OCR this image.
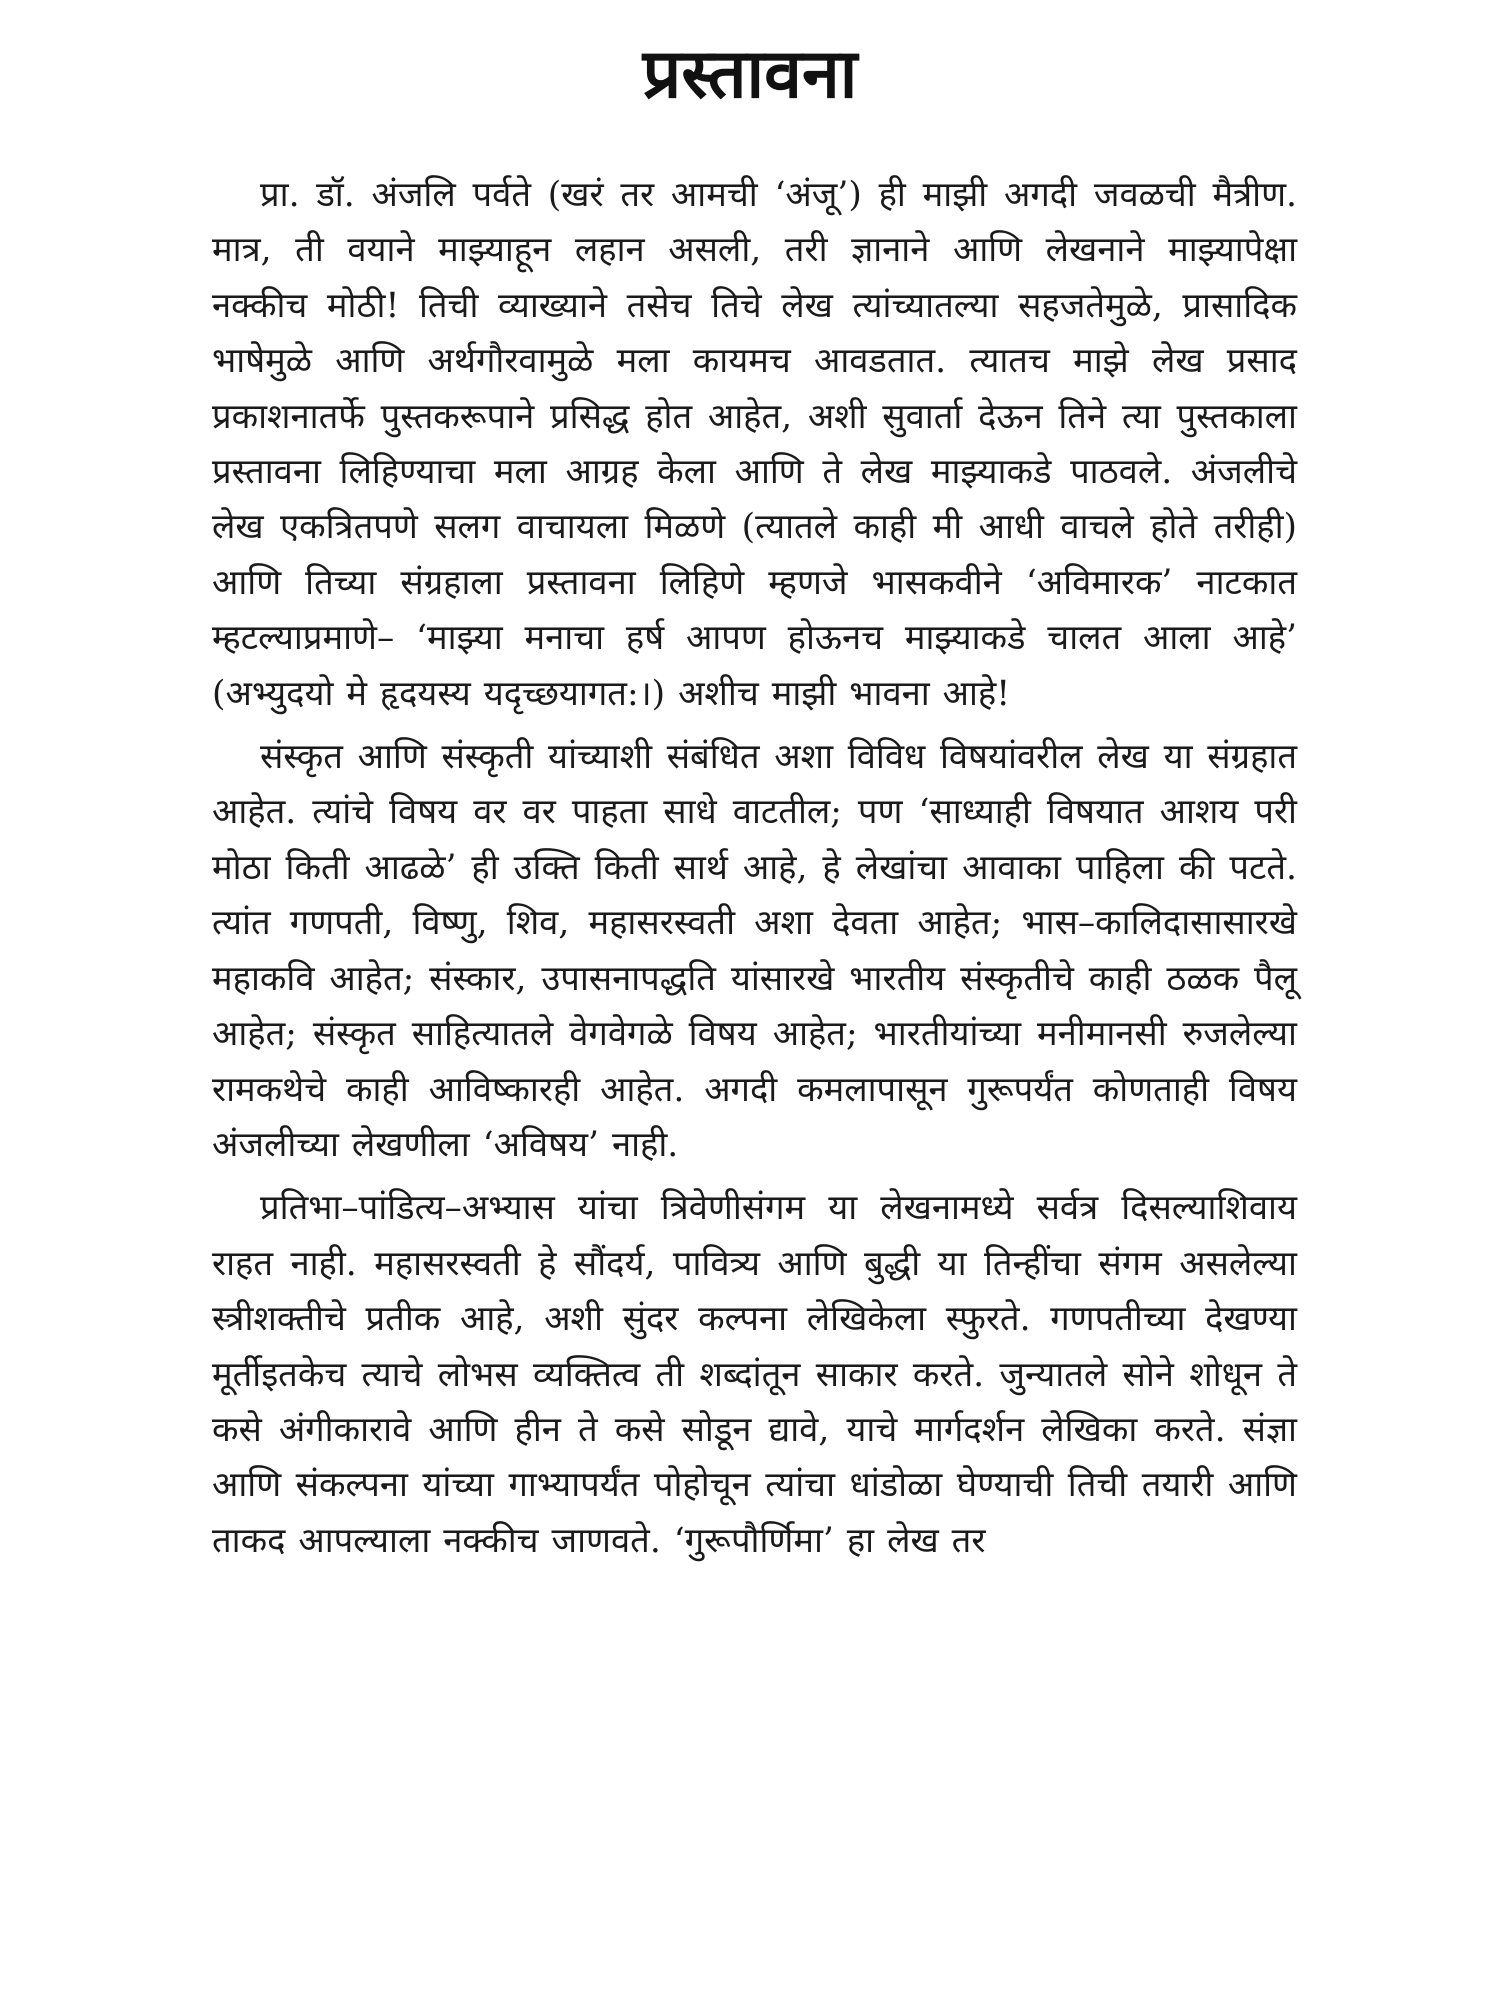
प्रस्तावना

प्रा. डॉ. अंजलि पर्वते (खरं तर आमची ‘अंजू’) ही माझी अगदी जवळची मैत्रीण. मात्र, ती वयाने माझ्याहून लहान असली, तरी ज्ञानाने आणि लेखनाने माझ्यापेक्षा नक्कीच मोठी! तिची व्याख्याने तसेच तिचे लेख त्यांच्यातल्या सहजतेमुळे, प्रासादिक भाषेमुळे आणि अर्थगौरवामुळे मला कायमच आवडतात. त्यातच माझे लेख प्रसाद प्रकाशनातर्फे पुस्तकरूपाने प्रसिद्ध होत आहेत, अशी सुवार्ता देऊन तिने त्या पुस्तकाला प्रस्तावना लिहिण्याचा मला आग्रह केला आणि ते लेख माझ्याकडे पाठवले. अंजलीचे लेख एकत्रितपणे सलग वाचायला मिळणे (त्यातले काही मी आधी वाचले होते तरीही) आणि तिच्या संग्रहाला प्रस्तावना लिहिणे म्हणजे भासकवीने ‘अविमारक’ नाटकात म्हटल्याप्रमाणे– ‘माझ्या मनाचा हर्ष आपण होऊनच माझ्याकडे चालत आला आहे’ (अभ्युदयो मे हृदयस्य यदृच्छयागत:।) अशीच माझी भावना आहे!

संस्कृत आणि संस्कृती यांच्याशी संबंधित अशा विविध विषयांवरील लेख या संग्रहात आहेत. त्यांचे विषय वर वर पाहता साधे वाटतील; पण ‘साध्याही विषयात आशय परी मोठा किती आढळे’ ही उक्ति किती सार्थ आहे, हे लेखांचा आवाका पाहिला की पटते. त्यांत गणपती, विष्णु, शिव, महासरस्वती अशा देवता आहेत; भास–कालिदासासारखे महाकवि आहेत; संस्कार, उपासनापद्धति यांसारखे भारतीय संस्कृतीचे काही ठळक पैलू आहेत; संस्कृत साहित्यातले वेगवेगळे विषय आहेत; भारतीयांच्या मनीमानसी रुजलेल्या रामकथेचे काही आविष्कारही आहेत. अगदी कमलापासून गुरूपर्यंत कोणताही विषय अंजलीच्या लेखणीला ‘अविषय’ नाही.

प्रतिभा–पांडित्य–अभ्यास यांचा त्रिवेणीसंगम या लेखनामध्ये सर्वत्र दिसल्याशिवाय राहत नाही. महासरस्वती हे सौंदर्य, पावित्र्य आणि बुद्धी या तिन्हींचा संगम असलेल्या स्त्रीशक्तीचे प्रतीक आहे, अशी सुंदर कल्पना लेखिकेला स्फुरते. गणपतीच्या देखण्या मूर्तीइतकेच त्याचे लोभस व्यक्तित्व ती शब्दांतून साकार करते. जुन्यातले सोने शोधून ते कसे अंगीकारावे आणि हीन ते कसे सोडून द्यावे, याचे मार्गदर्शन लेखिका करते. संज्ञा आणि संकल्पना यांच्या गाभ्यापर्यंत पोहोचून त्यांचा धांडोळा घेण्याची तिची तयारी आणि ताकद आपल्याला नक्कीच जाणवते. ‘गुरूपौर्णिमा’ हा लेख तर
